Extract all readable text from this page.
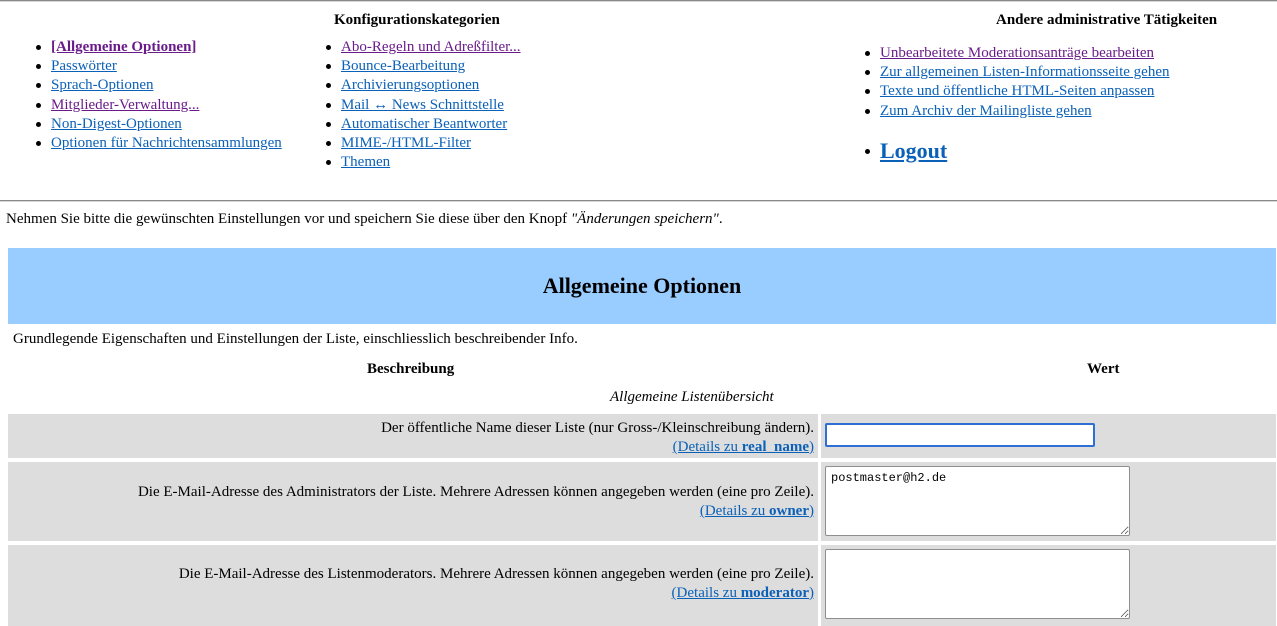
Konfigurationskategorien
[Allgemeine Optionen]
Passwörter
Sprach-Optionen
Mitglieder-Verwaltung...
Non-Digest-Optionen
Optionen für Nachrichtensammlungen
Abo-Regeln und Adreßfilter...
Bounce-Bearbeitung
Archivierungsoptionen
Mail ↔ News Schnittstelle
Automatischer Beantworter
MIME-/HTML-Filter
Themen
Andere administrative Tätigkeiten
Unbearbeitete Moderationsanträge bearbeiten
Zur allgemeinen Listen-Informationsseite gehen
Texte und öffentliche HTML-Seiten anpassen
Zum Archiv der Mailingliste gehen
Logout
Nehmen Sie bitte die gewünschten Einstellungen vor und speichern Sie diese über den Knopf "Änderungen speichern".
Allgemeine Optionen
Grundlegende Eigenschaften und Einstellungen der Liste, einschliesslich beschreibender Info.
Beschreibung	Wert
Allgemeine Listenübersicht
Der öffentliche Name dieser Liste (nur Gross-/Kleinschreibung ändern).
(Details zu real_name)
Die E-Mail-Adresse des Administrators der Liste. Mehrere Adressen können angegeben werden (eine pro Zeile).
(Details zu owner)
postmaster@h2.de
Die E-Mail-Adresse des Listenmoderators. Mehrere Adressen können angegeben werden (eine pro Zeile).
(Details zu moderator)
